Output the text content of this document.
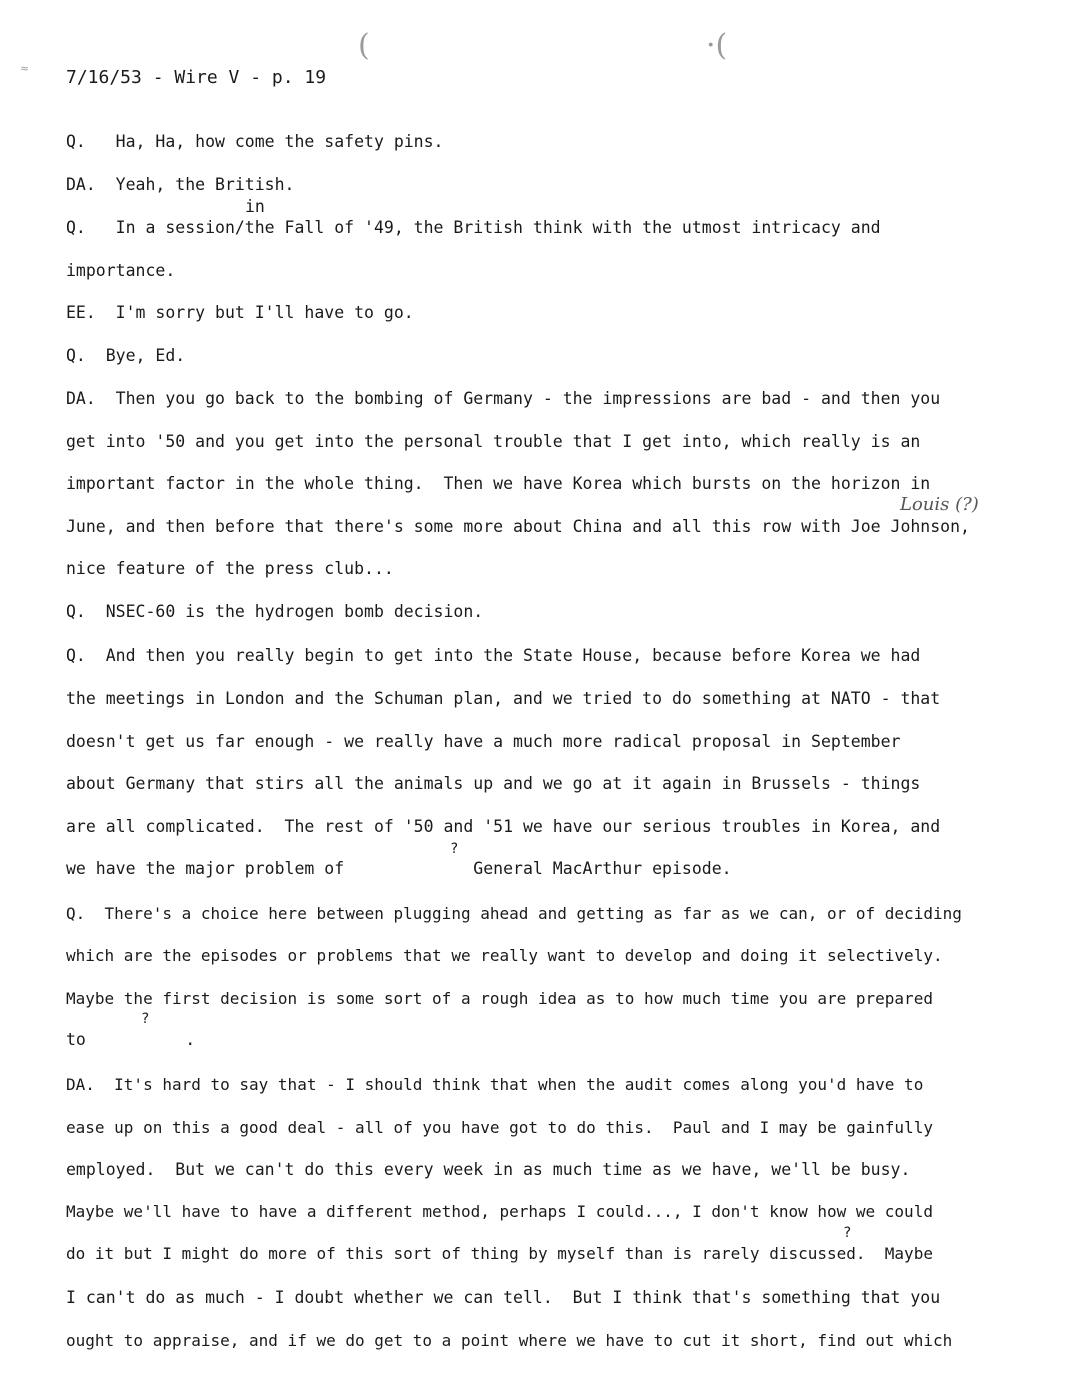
≈
(	·(
7/16/53 - Wire V - p. 19
Q.   Ha, Ha, how come the safety pins.
DA.  Yeah, the British.
in
Q.   In a session/the Fall of '49, the British think with the utmost intricacy and
importance.
EE.  I'm sorry but I'll have to go.
Q.  Bye, Ed.
DA.  Then you go back to the bombing of Germany - the impressions are bad - and then you
get into '50 and you get into the personal trouble that I get into, which really is an
important factor in the whole thing.  Then we have Korea which bursts on the horizon in
Louis (?)
June, and then before that there's some more about China and all this row with Joe Johnson,
nice feature of the press club...
Q.  NSEC-60 is the hydrogen bomb decision.
Q.  And then you really begin to get into the State House, because before Korea we had
the meetings in London and the Schuman plan, and we tried to do something at NATO - that
doesn't get us far enough - we really have a much more radical proposal in September
about Germany that stirs all the animals up and we go at it again in Brussels - things
are all complicated.  The rest of '50 and '51 we have our serious troubles in Korea, and
?
we have the major problem of             General MacArthur episode.
Q.  There's a choice here between plugging ahead and getting as far as we can, or of deciding
which are the episodes or problems that we really want to develop and doing it selectively.
Maybe the first decision is some sort of a rough idea as to how much time you are prepared
?
to          .
DA.  It's hard to say that - I should think that when the audit comes along you'd have to
ease up on this a good deal - all of you have got to do this.  Paul and I may be gainfully
employed.  But we can't do this every week in as much time as we have, we'll be busy.
Maybe we'll have to have a different method, perhaps I could..., I don't know how we could
?
do it but I might do more of this sort of thing by myself than is rarely discussed.  Maybe
I can't do as much - I doubt whether we can tell.  But I think that's something that you
ought to appraise, and if we do get to a point where we have to cut it short, find out which
